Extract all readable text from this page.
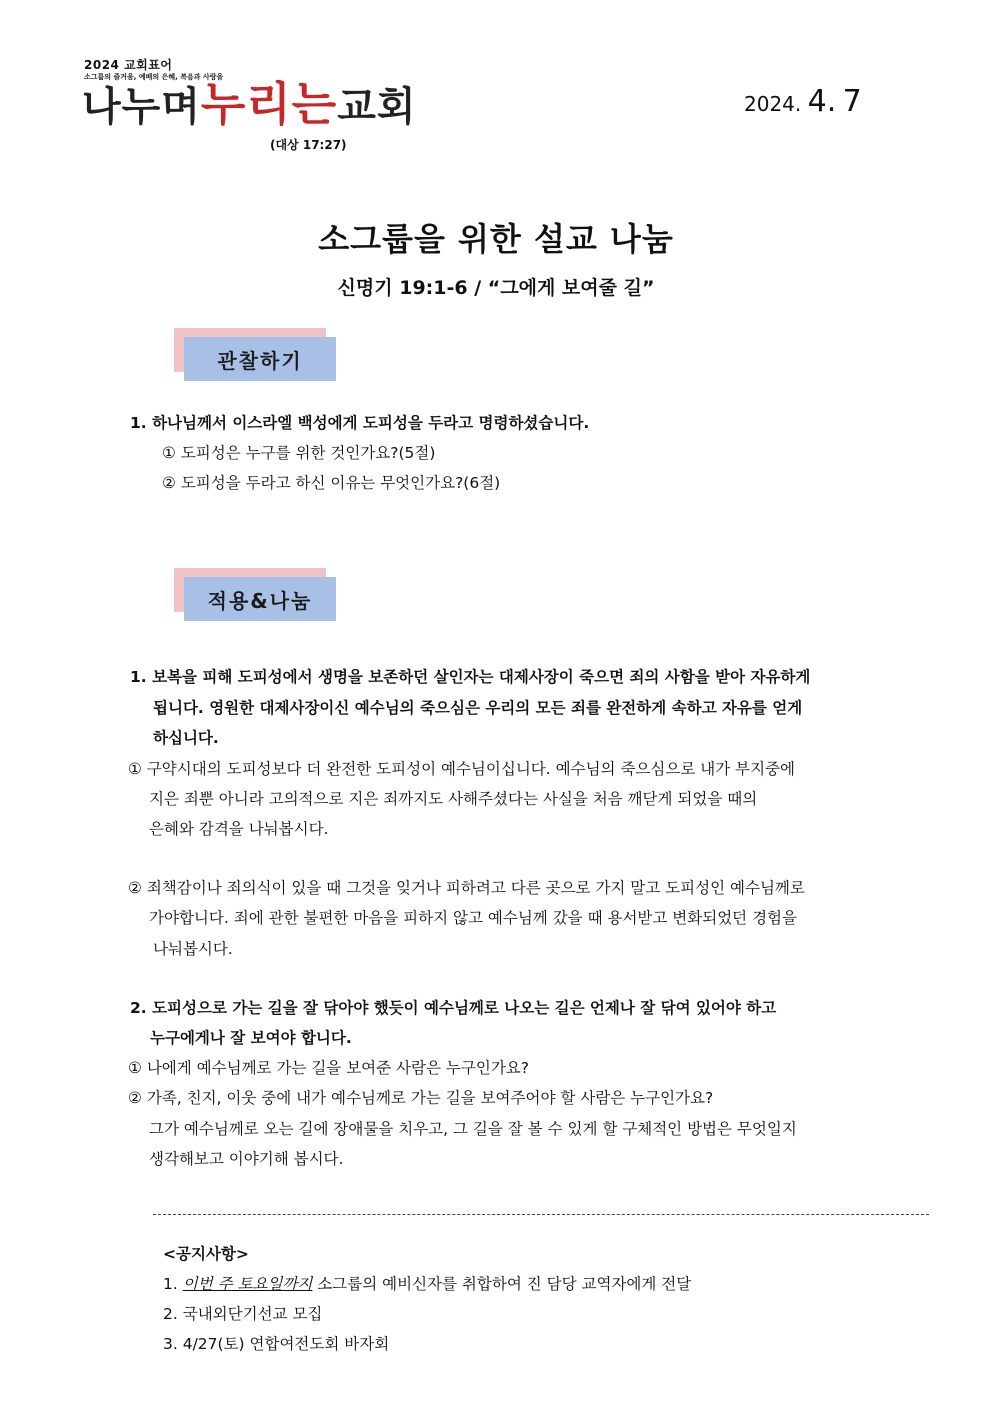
2024 교회표어
소그룹의 즐거움, 예배의 은혜, 복음과 사랑을
나누며누리는교회
(대상 17:27)
2024. 4. 7
소그룹을 위한 설교 나눔
신명기 19:1-6 / “그에게 보여줄 길”
관찰하기
1. 하나님께서 이스라엘 백성에게 도피성을 두라고 명령하셨습니다.
① 도피성은 누구를 위한 것인가요?(5절)
② 도피성을 두라고 하신 이유는 무엇인가요?(6절)
적용&나눔
1. 보복을 피해 도피성에서 생명을 보존하던 살인자는 대제사장이 죽으면 죄의 사함을 받아 자유하게
됩니다. 영원한 대제사장이신 예수님의 죽으심은 우리의 모든 죄를 완전하게 속하고 자유를 얻게
하십니다.
① 구약시대의 도피성보다 더 완전한 도피성이 예수님이십니다. 예수님의 죽으심으로 내가 부지중에
지은 죄뿐 아니라 고의적으로 지은 죄까지도 사해주셨다는 사실을 처음 깨닫게 되었을 때의
은혜와 감격을 나눠봅시다.
② 죄책감이나 죄의식이 있을 때 그것을 잊거나 피하려고 다른 곳으로 가지 말고 도피성인 예수님께로
가야합니다. 죄에 관한 불편한 마음을 피하지 않고 예수님께 갔을 때 용서받고 변화되었던 경험을
나눠봅시다.
2. 도피성으로 가는 길을 잘 닦아야 했듯이 예수님께로 나오는 길은 언제나 잘 닦여 있어야 하고
누구에게나 잘 보여야 합니다.
① 나에게 예수님께로 가는 길을 보여준 사람은 누구인가요?
② 가족, 친지, 이웃 중에 내가 예수님께로 가는 길을 보여주어야 할 사람은 누구인가요?
그가 예수님께로 오는 길에 장애물을 치우고, 그 길을 잘 볼 수 있게 할 구체적인 방법은 무엇일지
생각해보고 이야기해 봅시다.
<공지사항>
1. 이번 주 토요일까지 소그룹의 예비신자를 취합하여 진 담당 교역자에게 전달
2. 국내외단기선교 모집
3. 4/27(토) 연합여전도회 바자회
